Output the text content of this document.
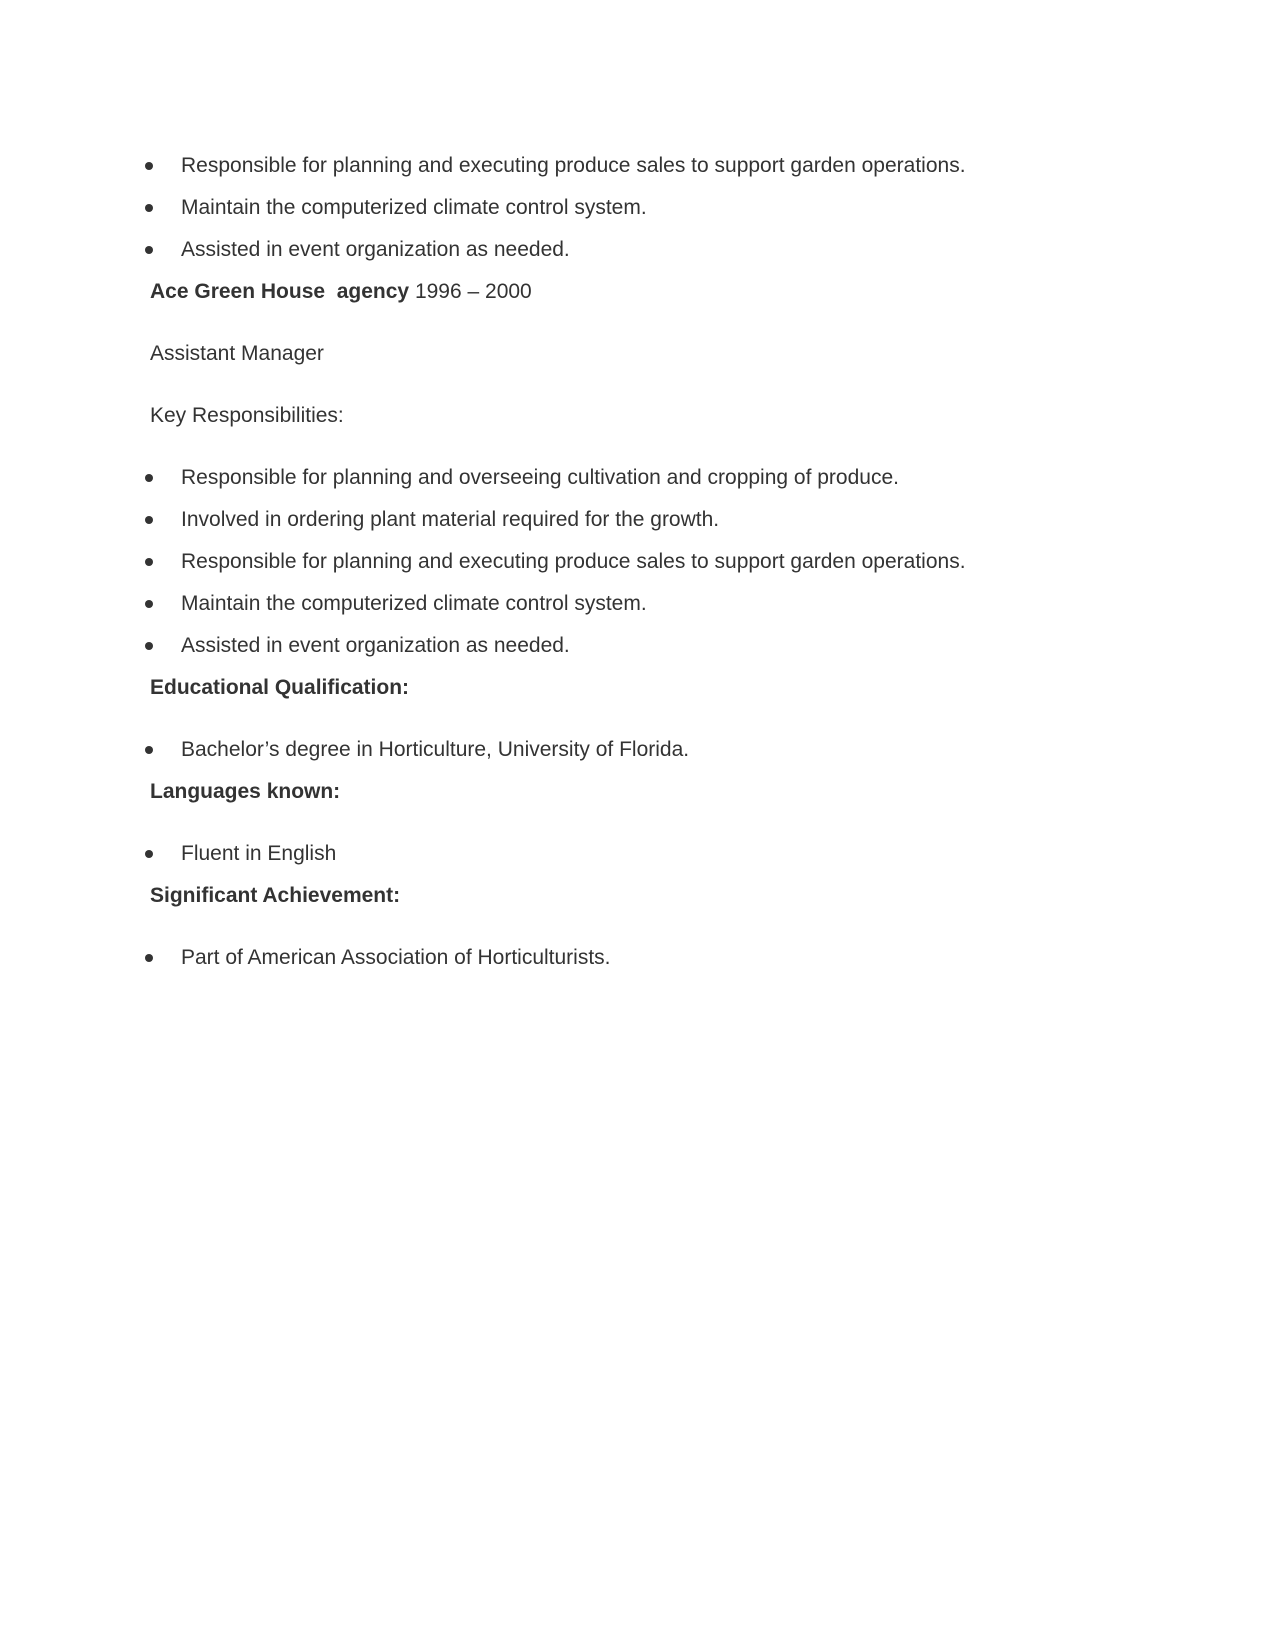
Responsible for planning and executing produce sales to support garden operations.
Maintain the computerized climate control system.
Assisted in event organization as needed.
Ace Green House  agency 1996 – 2000
Assistant Manager
Key Responsibilities:
Responsible for planning and overseeing cultivation and cropping of produce.
Involved in ordering plant material required for the growth.
Responsible for planning and executing produce sales to support garden operations.
Maintain the computerized climate control system.
Assisted in event organization as needed.
Educational Qualification:
Bachelor’s degree in Horticulture, University of Florida.
Languages known:
Fluent in English
Significant Achievement:
Part of American Association of Horticulturists.
